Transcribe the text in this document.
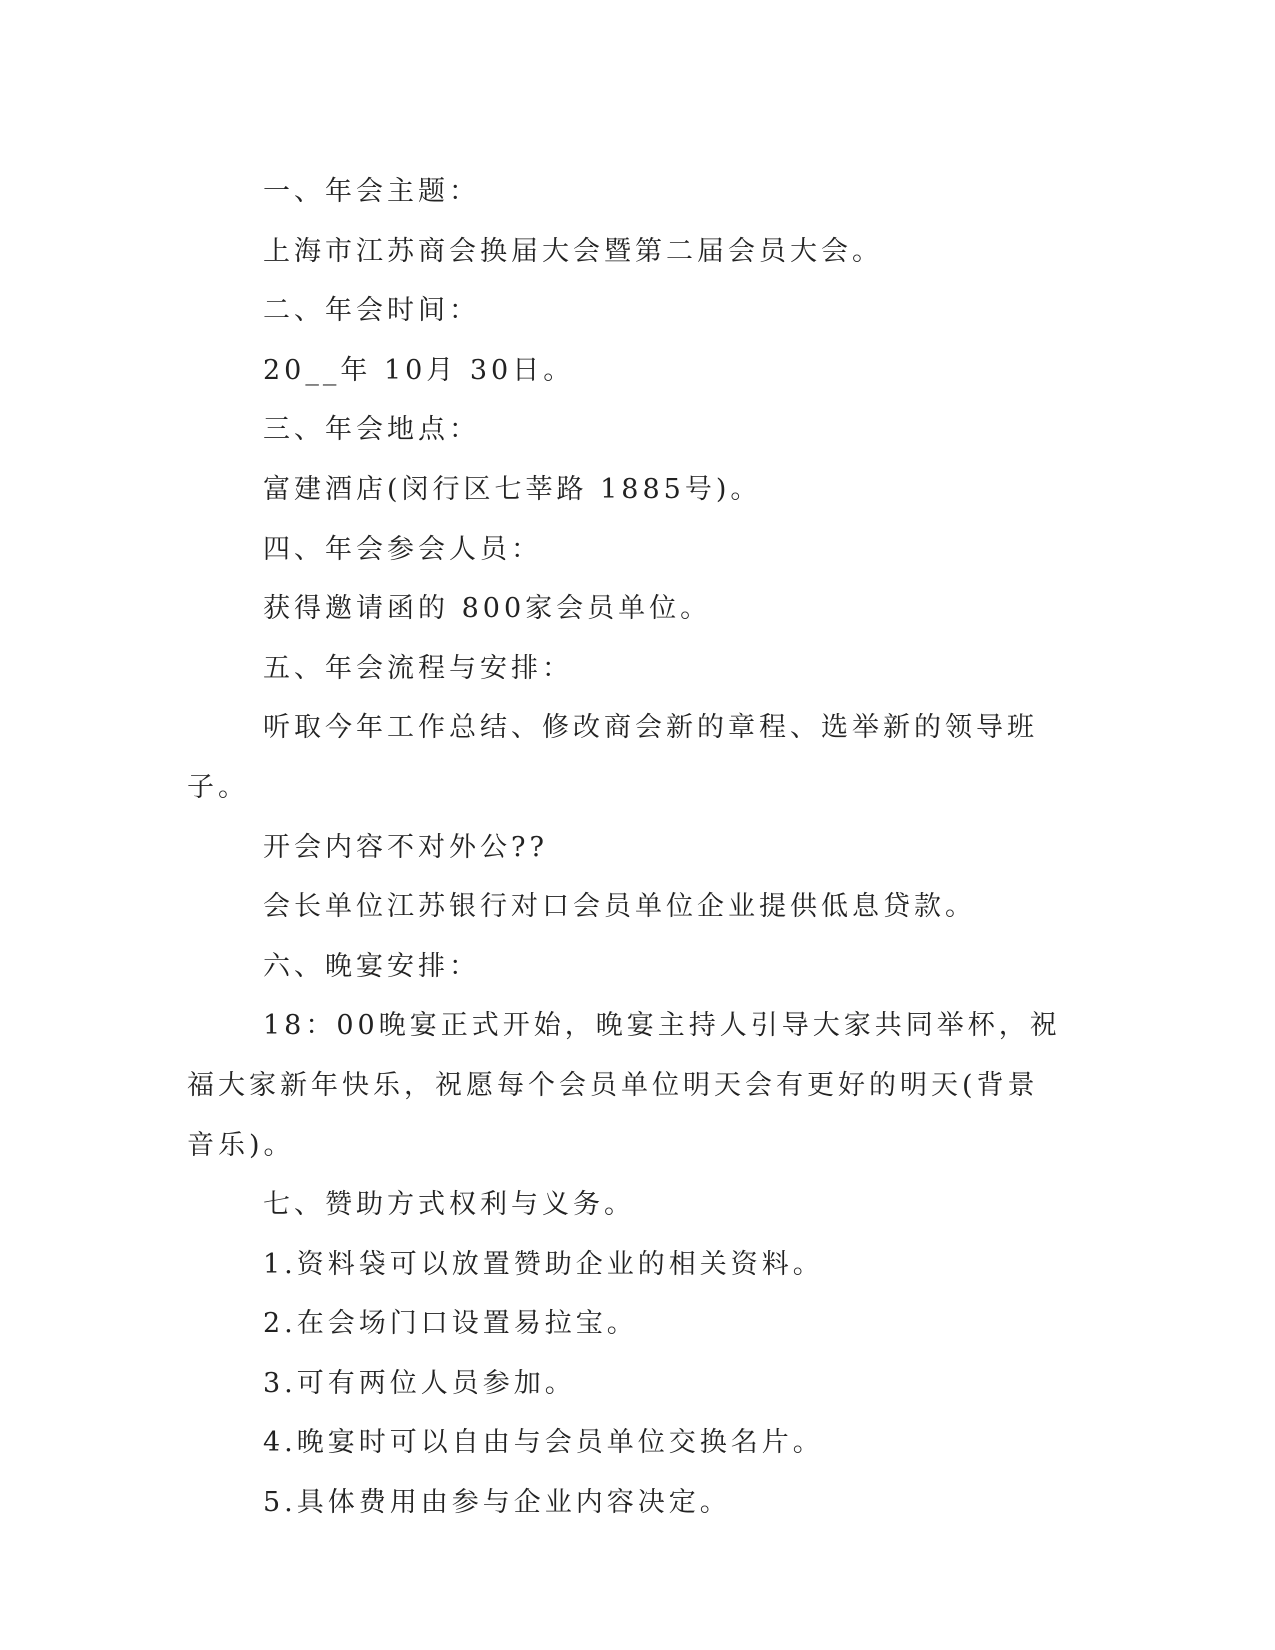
一、年会主题：

上海市江苏商会换届大会暨第二届会员大会。

二、年会时间：

20__年 10月 30日。

三、年会地点：

富建酒店(闵行区七莘路 1885号)。

四、年会参会人员：

获得邀请函的 800家会员单位。

五、年会流程与安排：

听取今年工作总结、修改商会新的章程、选举新的领导班子。

开会内容不对外公??

会长单位江苏银行对口会员单位企业提供低息贷款。

六、晚宴安排：

18：00晚宴正式开始，晚宴主持人引导大家共同举杯，祝福大家新年快乐，祝愿每个会员单位明天会有更好的明天(背景音乐)。

七、赞助方式权利与义务。

1.资料袋可以放置赞助企业的相关资料。

2.在会场门口设置易拉宝。

3.可有两位人员参加。

4.晚宴时可以自由与会员单位交换名片。

5.具体费用由参与企业内容决定。
